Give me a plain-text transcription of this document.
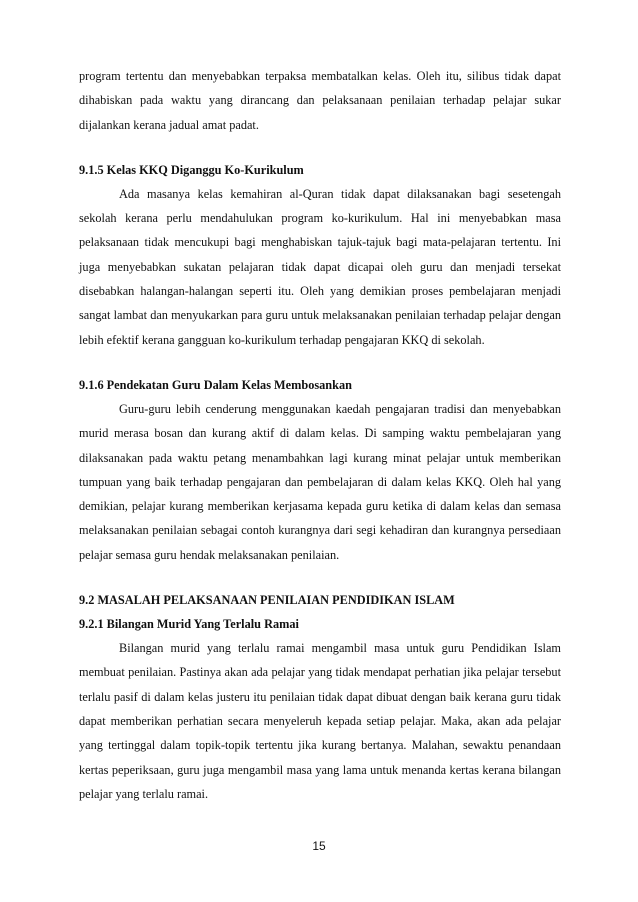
program tertentu dan menyebabkan terpaksa membatalkan kelas. Oleh itu, silibus tidak dapat dihabiskan pada waktu yang dirancang dan pelaksanaan penilaian terhadap pelajar sukar dijalankan kerana jadual amat padat.

9.1.5 Kelas KKQ Diganggu Ko-Kurikulum

Ada masanya kelas kemahiran al-Quran tidak dapat dilaksanakan bagi sesetengah sekolah kerana perlu mendahulukan program ko-kurikulum. Hal ini menyebabkan masa pelaksanaan tidak mencukupi bagi menghabiskan tajuk-tajuk bagi mata-pelajaran tertentu. Ini juga menyebabkan sukatan pelajaran tidak dapat dicapai oleh guru dan menjadi tersekat disebabkan halangan-halangan seperti itu. Oleh yang demikian proses pembelajaran menjadi sangat lambat dan menyukarkan para guru untuk melaksanakan penilaian terhadap pelajar dengan lebih efektif kerana gangguan ko-kurikulum terhadap pengajaran KKQ di sekolah.

9.1.6 Pendekatan Guru Dalam Kelas Membosankan

Guru-guru lebih cenderung menggunakan kaedah pengajaran tradisi dan menyebabkan murid merasa bosan dan kurang aktif di dalam kelas. Di samping waktu pembelajaran yang dilaksanakan pada waktu petang menambahkan lagi kurang minat pelajar untuk memberikan tumpuan yang baik terhadap pengajaran dan pembelajaran di dalam kelas KKQ. Oleh hal yang demikian, pelajar kurang memberikan kerjasama kepada guru ketika di dalam kelas dan semasa melaksanakan penilaian sebagai contoh kurangnya dari segi kehadiran dan kurangnya persediaan pelajar semasa guru hendak melaksanakan penilaian.

9.2 MASALAH PELAKSANAAN PENILAIAN PENDIDIKAN ISLAM
9.2.1 Bilangan Murid Yang Terlalu Ramai

Bilangan murid yang terlalu ramai mengambil masa untuk guru Pendidikan Islam membuat penilaian. Pastinya akan ada pelajar yang tidak mendapat perhatian jika pelajar tersebut terlalu pasif di dalam kelas justeru itu penilaian tidak dapat dibuat dengan baik kerana guru tidak dapat memberikan perhatian secara menyeleruh kepada setiap pelajar. Maka, akan ada pelajar yang tertinggal dalam topik-topik tertentu jika kurang bertanya. Malahan, sewaktu penandaan kertas peperiksaan, guru juga mengambil masa yang lama untuk menanda kertas kerana bilangan pelajar yang terlalu ramai.

15
